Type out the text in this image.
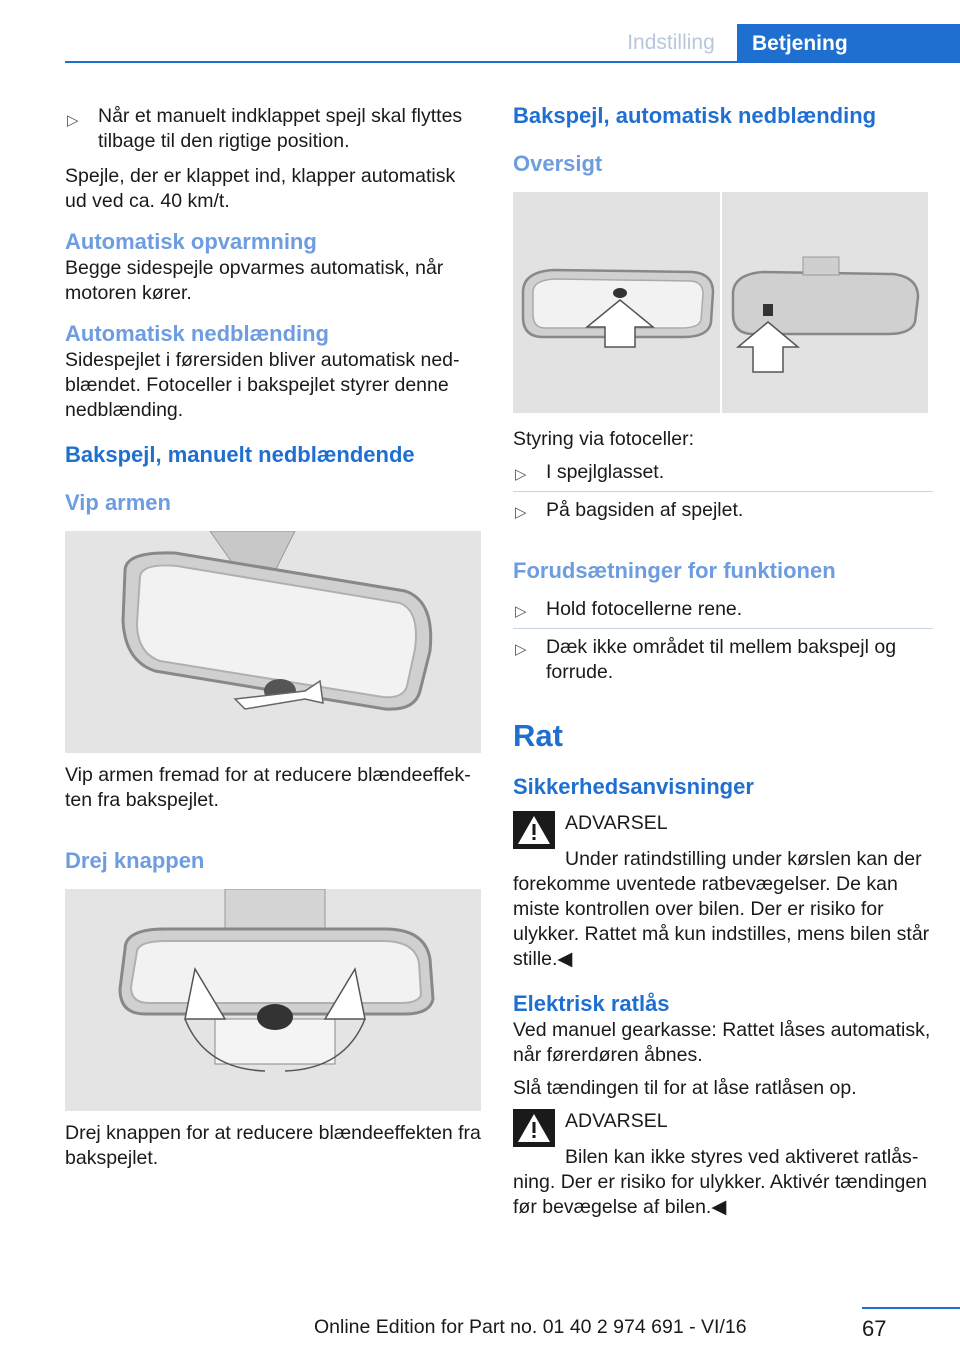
Indstilling	Betjening
▷ Når et manuelt indklappet spejl skal flyttes tilbage til den rigtige position.
Spejle, der er klappet ind, klapper automatisk ud ved ca. 40 km/t.
Automatisk opvarmning
Begge sidespejle opvarmes automatisk, når motoren kører.
Automatisk nedblænding
Sidespejlet i førersiden bliver automatisk nedblændet. Fotoceller i bakspejlet styrer denne nedblænding.
Bakspejl, manuelt nedblændende
Vip armen
Vip armen fremad for at reducere blændeeffekten fra bakspejlet.
Drej knappen
Drej knappen for at reducere blændeeffekten fra bakspejlet.
Bakspejl, automatisk nedblænding
Oversigt
Styring via fotoceller:
▷ I spejlglasset.
▷ På bagsiden af spejlet.
Forudsætninger for funktionen
▷ Hold fotocellerne rene.
▷ Dæk ikke området til mellem bakspejl og forrude.
Rat
Sikkerhedsanvisninger
ADVARSEL
Under ratindstilling under kørslen kan der forekomme uventede ratbevægelser. De kan miste kontrollen over bilen. Der er risiko for ulykker. Rattet må kun indstilles, mens bilen står stille.◀
Elektrisk ratlås
Ved manuel gearkasse: Rattet låses automatisk, når førerdøren åbnes.
Slå tændingen til for at låse ratlåsen op.
ADVARSEL
Bilen kan ikke styres ved aktiveret ratlåsning. Der er risiko for ulykker. Aktivér tændingen før bevægelse af bilen.◀
67
Online Edition for Part no. 01 40 2 974 691 - VI/16
